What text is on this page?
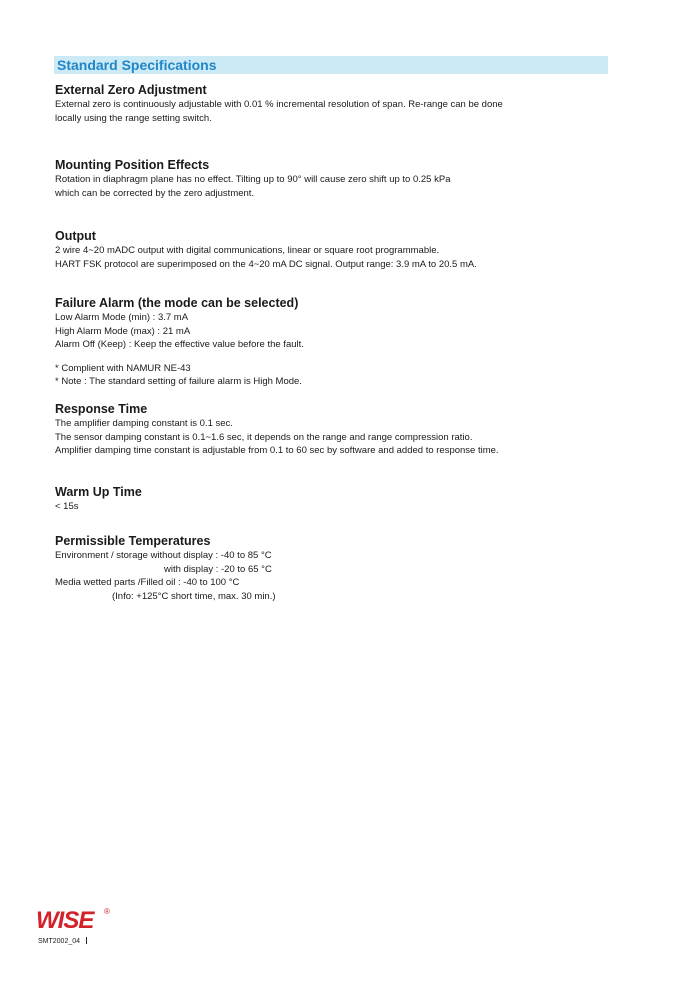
Standard Specifications

External Zero Adjustment

External zero is continuously adjustable with 0.01 % incremental resolution of span. Re-range can be done

locally using the range setting switch.

Mounting Position Effects

Rotation in diaphragm plane has no effect. Tilting up to 90° will cause zero shift up to 0.25 kPa

which can be corrected by the zero adjustment.

Output

2 wire 4~20 mADC output with digital communications, linear or square root programmable.

HART FSK protocol are superimposed on the 4~20 mA DC signal. Output range: 3.9 mA to 20.5 mA.

Failure Alarm (the mode can be selected)

Low Alarm Mode (min) : 3.7 mA

High Alarm Mode (max) : 21 mA

Alarm Off (Keep) : Keep the effective value before the fault.

* Complient with NAMUR NE-43

* Note : The standard setting of failure alarm is High Mode.

Response Time

The amplifier damping constant is 0.1 sec.

The sensor damping constant is 0.1~1.6 sec, it depends on the range and range compression ratio.

Amplifier damping time constant is adjustable from 0.1 to 60 sec by software and added to response time.

Warm Up Time

< 15s

Permissible Temperatures

Environment / storage without display : -40 to 85 °C

with display : -20 to 65 °C

Media wetted parts /Filled oil : -40 to 100 °C

(Info: +125°C short time, max. 30 min.)

WISE ®
SMT2002_04
